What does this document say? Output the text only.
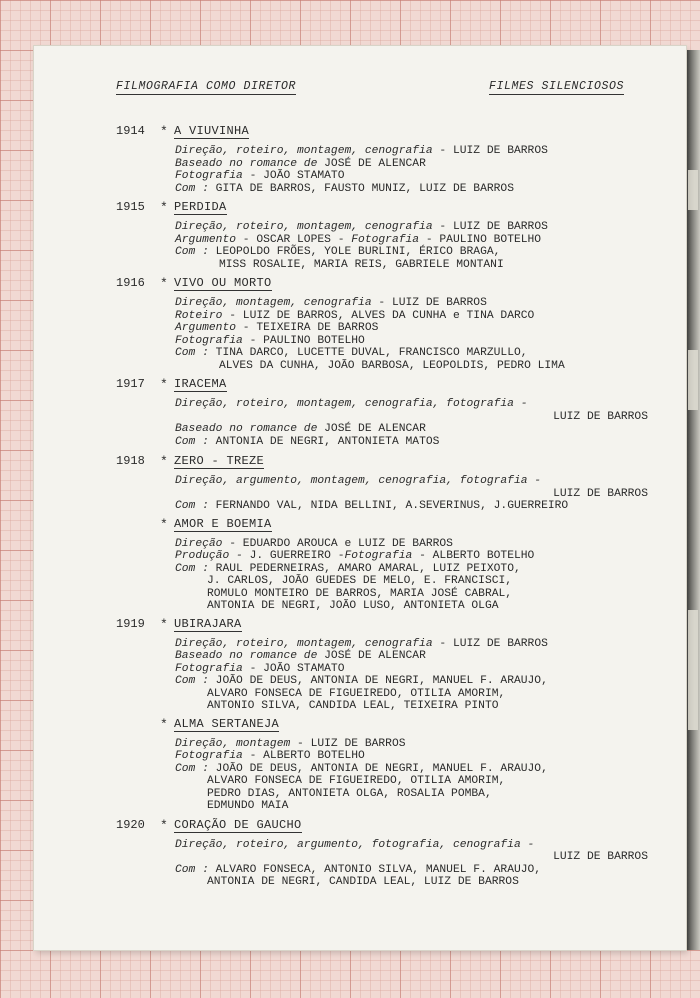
FILMOGRAFIA COMO DIRETOR	FILMES SILENCIOSOS
1914 * A VIUVINHA
Direção, roteiro, montagem, cenografia - LUIZ DE BARROS
Baseado no romance de JOSÉ DE ALENCAR
Fotografia - JOÃO STAMATO
Com : GITA DE BARROS, FAUSTO MUNIZ, LUIZ DE BARROS
1915 * PERDIDA
Direção, roteiro, montagem, cenografia - LUIZ DE BARROS
Argumento - OSCAR LOPES - Fotografia - PAULINO BOTELHO
Com : LEOPOLDO FRÕES, YOLE BURLINI, ÉRICO BRAGA,
MISS ROSALIE, MARIA REIS, GABRIELE MONTANI
1916 * VIVO OU MORTO
Direção, montagem, cenografia - LUIZ DE BARROS
Roteiro - LUIZ DE BARROS, ALVES DA CUNHA e TINA DARCO
Argumento - TEIXEIRA DE BARROS
Fotografia - PAULINO BOTELHO
Com : TINA DARCO, LUCETTE DUVAL, FRANCISCO MARZULLO,
ALVES DA CUNHA, JOÃO BARBOSA, LEOPOLDIS, PEDRO LIMA
1917 * IRACEMA
Direção, roteiro, montagem, cenografia, fotografia -
LUIZ DE BARROS
Baseado no romance de JOSÉ DE ALENCAR
Com : ANTONIA DE NEGRI, ANTONIETA MATOS
1918 * ZERO - TREZE
Direção, argumento, montagem, cenografia, fotografia -
LUIZ DE BARROS
Com : FERNANDO VAL, NIDA BELLINI, A.SEVERINUS, J.GUERREIRO
* AMOR E BOEMIA
Direção - EDUARDO AROUCA e LUIZ DE BARROS
Produção - J. GUERREIRO -Fotografia - ALBERTO BOTELHO
Com : RAUL PEDERNEIRAS, AMARO AMARAL, LUIZ PEIXOTO,
J. CARLOS, JOÃO GUEDES DE MELO, E. FRANCISCI,
ROMULO MONTEIRO DE BARROS, MARIA JOSÉ CABRAL,
ANTONIA DE NEGRI, JOÃO LUSO, ANTONIETA OLGA
1919 * UBIRAJARA
Direção, roteiro, montagem, cenografia - LUIZ DE BARROS
Baseado no romance de JOSÉ DE ALENCAR
Fotografia - JOÃO STAMATO
Com : JOÃO DE DEUS, ANTONIA DE NEGRI, MANUEL F. ARAUJO,
ALVARO FONSECA DE FIGUEIREDO, OTILIA AMORIM,
ANTONIO SILVA, CANDIDA LEAL, TEIXEIRA PINTO
* ALMA SERTANEJA
Direção, montagem - LUIZ DE BARROS
Fotografia - ALBERTO BOTELHO
Com : JOÃO DE DEUS, ANTONIA DE NEGRI, MANUEL F. ARAUJO,
ALVARO FONSECA DE FIGUEIREDO, OTILIA AMORIM,
PEDRO DIAS, ANTONIETA OLGA, ROSALIA POMBA,
EDMUNDO MAIA
1920 * CORAÇÃO DE GAUCHO
Direção, roteiro, argumento, fotografia, cenografia -
LUIZ DE BARROS
Com : ALVARO FONSECA, ANTONIO SILVA, MANUEL F. ARAUJO,
ANTONIA DE NEGRI, CANDIDA LEAL, LUIZ DE BARROS
